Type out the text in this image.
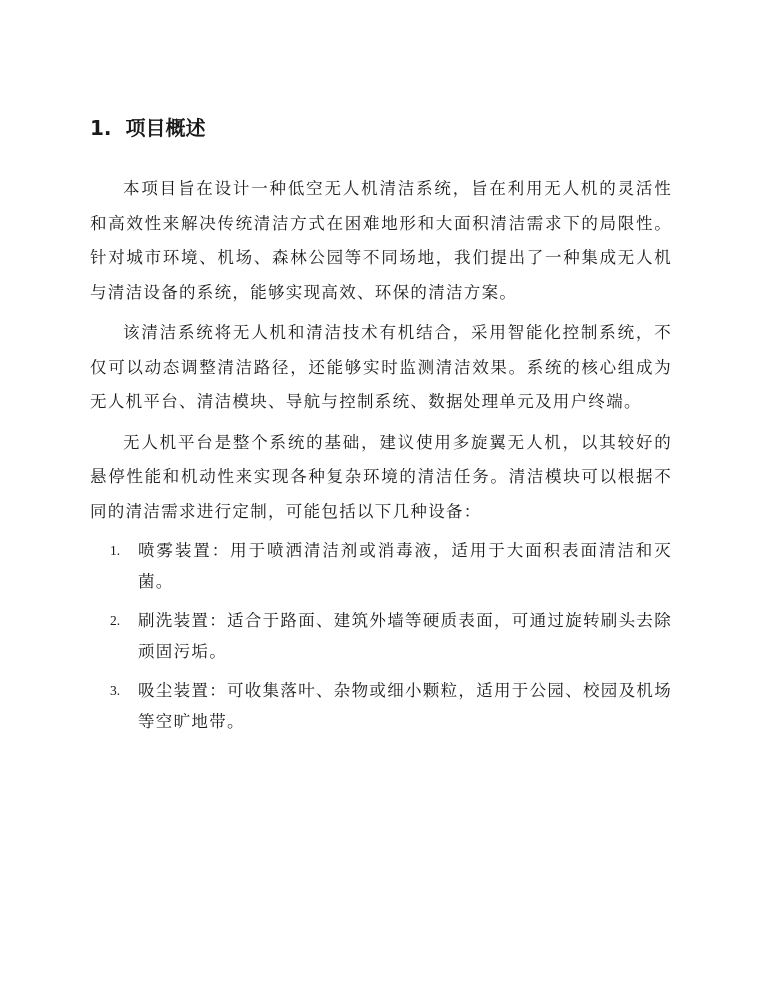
1. 项目概述

本项目旨在设计一种低空无人机清洁系统，旨在利用无人机的灵活性和高效性来解决传统清洁方式在困难地形和大面积清洁需求下的局限性。针对城市环境、机场、森林公园等不同场地，我们提出了一种集成无人机与清洁设备的系统，能够实现高效、环保的清洁方案。

该清洁系统将无人机和清洁技术有机结合，采用智能化控制系统，不仅可以动态调整清洁路径，还能够实时监测清洁效果。系统的核心组成为无人机平台、清洁模块、导航与控制系统、数据处理单元及用户终端。

无人机平台是整个系统的基础，建议使用多旋翼无人机，以其较好的悬停性能和机动性来实现各种复杂环境的清洁任务。清洁模块可以根据不同的清洁需求进行定制，可能包括以下几种设备：

1. 喷雾装置：用于喷洒清洁剂或消毒液，适用于大面积表面清洁和灭菌。
2. 刷洗装置：适合于路面、建筑外墙等硬质表面，可通过旋转刷头去除顽固污垢。
3. 吸尘装置：可收集落叶、杂物或细小颗粒，适用于公园、校园及机场等空旷地带。
